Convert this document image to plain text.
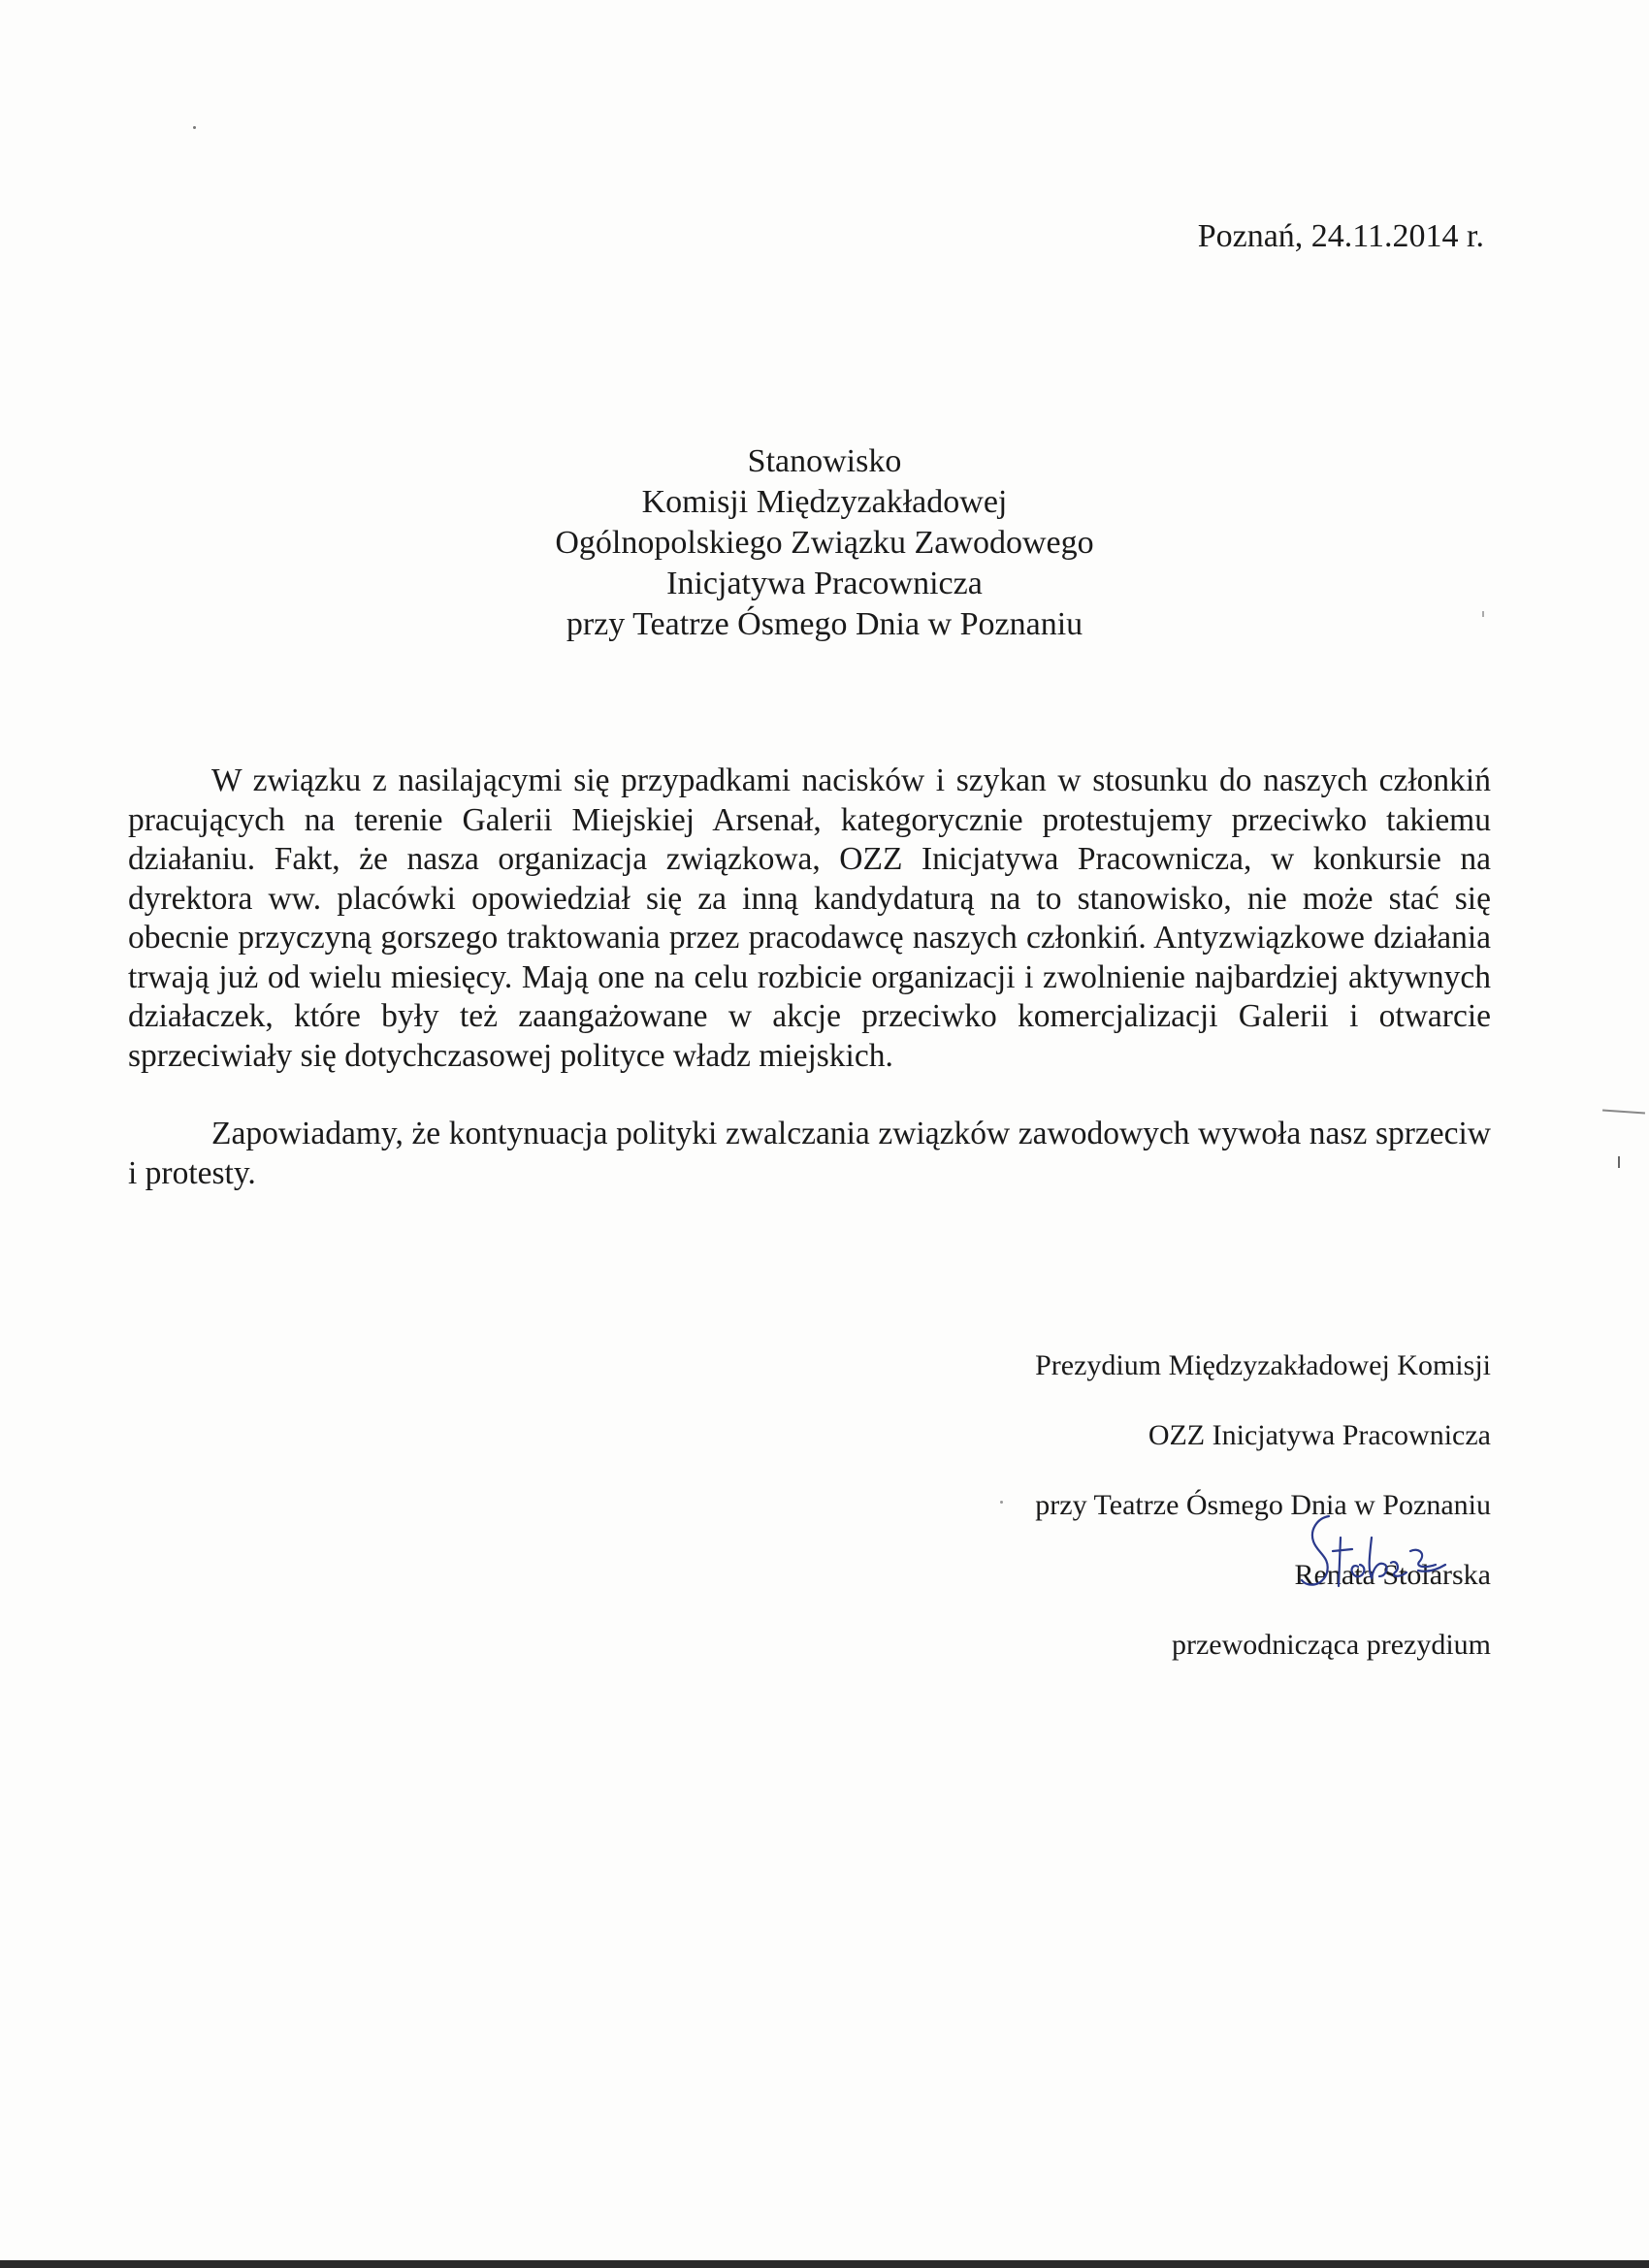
Poznań, 24.11.2014 r.
Stanowisko
Komisji Międzyzakładowej
Ogólnopolskiego Związku Zawodowego
Inicjatywa Pracownicza
przy Teatrze Ósmego Dnia w Poznaniu

W związku z nasilającymi się przypadkami nacisków i szykan w stosunku do naszych członkiń pracujących na terenie Galerii Miejskiej Arsenał, kategorycznie protestujemy przeciwko takiemu działaniu. Fakt, że nasza organizacja związkowa, OZZ Inicjatywa Pracownicza, w konkursie na dyrektora ww. placówki opowiedział się za inną kandydaturą na to stanowisko, nie może stać się obecnie przyczyną gorszego traktowania przez pracodawcę naszych członkiń. Antyzwiązkowe działania trwają już od wielu miesięcy. Mają one na celu rozbicie organizacji i zwolnienie najbardziej aktywnych działaczek, które były też zaangażowane w akcje przeciwko komercjalizacji Galerii i otwarcie sprzeciwiały się dotychczasowej polityce władz miejskich.

Zapowiadamy, że kontynuacja polityki zwalczania związków zawodowych wywoła nasz sprzeciw i protesty.

Prezydium Międzyzakładowej Komisji
OZZ Inicjatywa Pracownicza
przy Teatrze Ósmego Dnia w Poznaniu
Renata Stolarska
przewodnicząca prezydium
